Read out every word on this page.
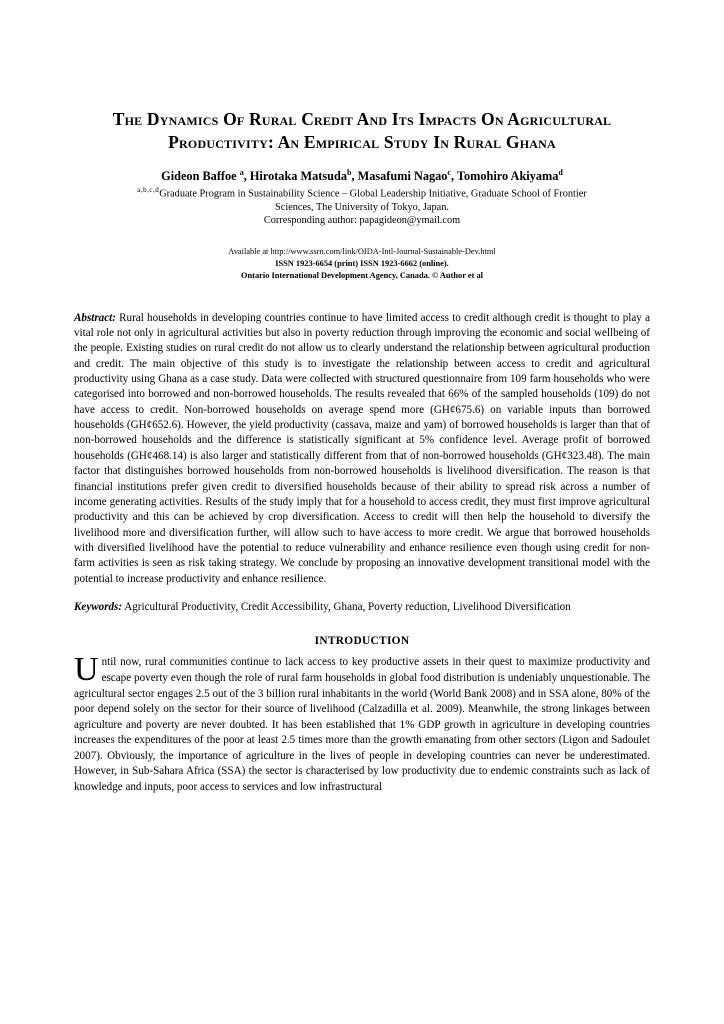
The Dynamics Of Rural Credit And Its Impacts On Agricultural Productivity: An Empirical Study In Rural Ghana
Gideon Baffoe $^a$, Hirotaka Matsuda$^b$, Masafumi Nagao$^c$, Tomohiro Akiyama$^d$
$^{a,b,c,d}$Graduate Program in Sustainability Science – Global Leadership Initiative, Graduate School of Frontier Sciences, The University of Tokyo, Japan.
Corresponding author: papagideon@ymail.com
Available at http://www.ssrn.com/link/OIDA-Intl-Journal-Sustainable-Dev.html
ISSN 1923-6654 (print) ISSN 1923-6662 (online).
Ontario International Development Agency, Canada. © Author et al
Abstract: Rural households in developing countries continue to have limited access to credit although credit is thought to play a vital role not only in agricultural activities but also in poverty reduction through improving the economic and social wellbeing of the people. Existing studies on rural credit do not allow us to clearly understand the relationship between agricultural production and credit. The main objective of this study is to investigate the relationship between access to credit and agricultural productivity using Ghana as a case study. Data were collected with structured questionnaire from 109 farm households who were categorised into borrowed and non-borrowed households. The results revealed that 66% of the sampled households (109) do not have access to credit. Non-borrowed households on average spend more (GH¢675.6) on variable inputs than borrowed households (GH¢652.6). However, the yield productivity (cassava, maize and yam) of borrowed households is larger than that of non-borrowed households and the difference is statistically significant at 5% confidence level. Average profit of borrowed households (GH¢468.14) is also larger and statistically different from that of non-borrowed households (GH¢323.48). The main factor that distinguishes borrowed households from non-borrowed households is livelihood diversification. The reason is that financial institutions prefer given credit to diversified households because of their ability to spread risk across a number of income generating activities. Results of the study imply that for a household to access credit, they must first improve agricultural productivity and this can be achieved by crop diversification. Access to credit will then help the household to diversify the livelihood more and diversification further, will allow such to have access to more credit. We argue that borrowed households with diversified livelihood have the potential to reduce vulnerability and enhance resilience even though using credit for non-farm activities is seen as risk taking strategy. We conclude by proposing an innovative development transitional model with the potential to increase productivity and enhance resilience.
Keywords: Agricultural Productivity, Credit Accessibility, Ghana, Poverty reduction, Livelihood Diversification
INTRODUCTION
Until now, rural communities continue to lack access to key productive assets in their quest to maximize productivity and escape poverty even though the role of rural farm households in global food distribution is undeniably unquestionable. The agricultural sector engages 2.5 out of the 3 billion rural inhabitants in the world (World Bank 2008) and in SSA alone, 80% of the poor depend solely on the sector for their source of livelihood (Calzadilla et al. 2009). Meanwhile, the strong linkages between agriculture and poverty are never doubted. It has been established that 1% GDP growth in agriculture in developing countries increases the expenditures of the poor at least 2.5 times more than the growth emanating from other sectors (Ligon and Sadoulet 2007). Obviously, the importance of agriculture in the lives of people in developing countries can never be underestimated. However, in Sub-Sahara Africa (SSA) the sector is characterised by low productivity due to endemic constraints such as lack of knowledge and inputs, poor access to services and low infrastructural
